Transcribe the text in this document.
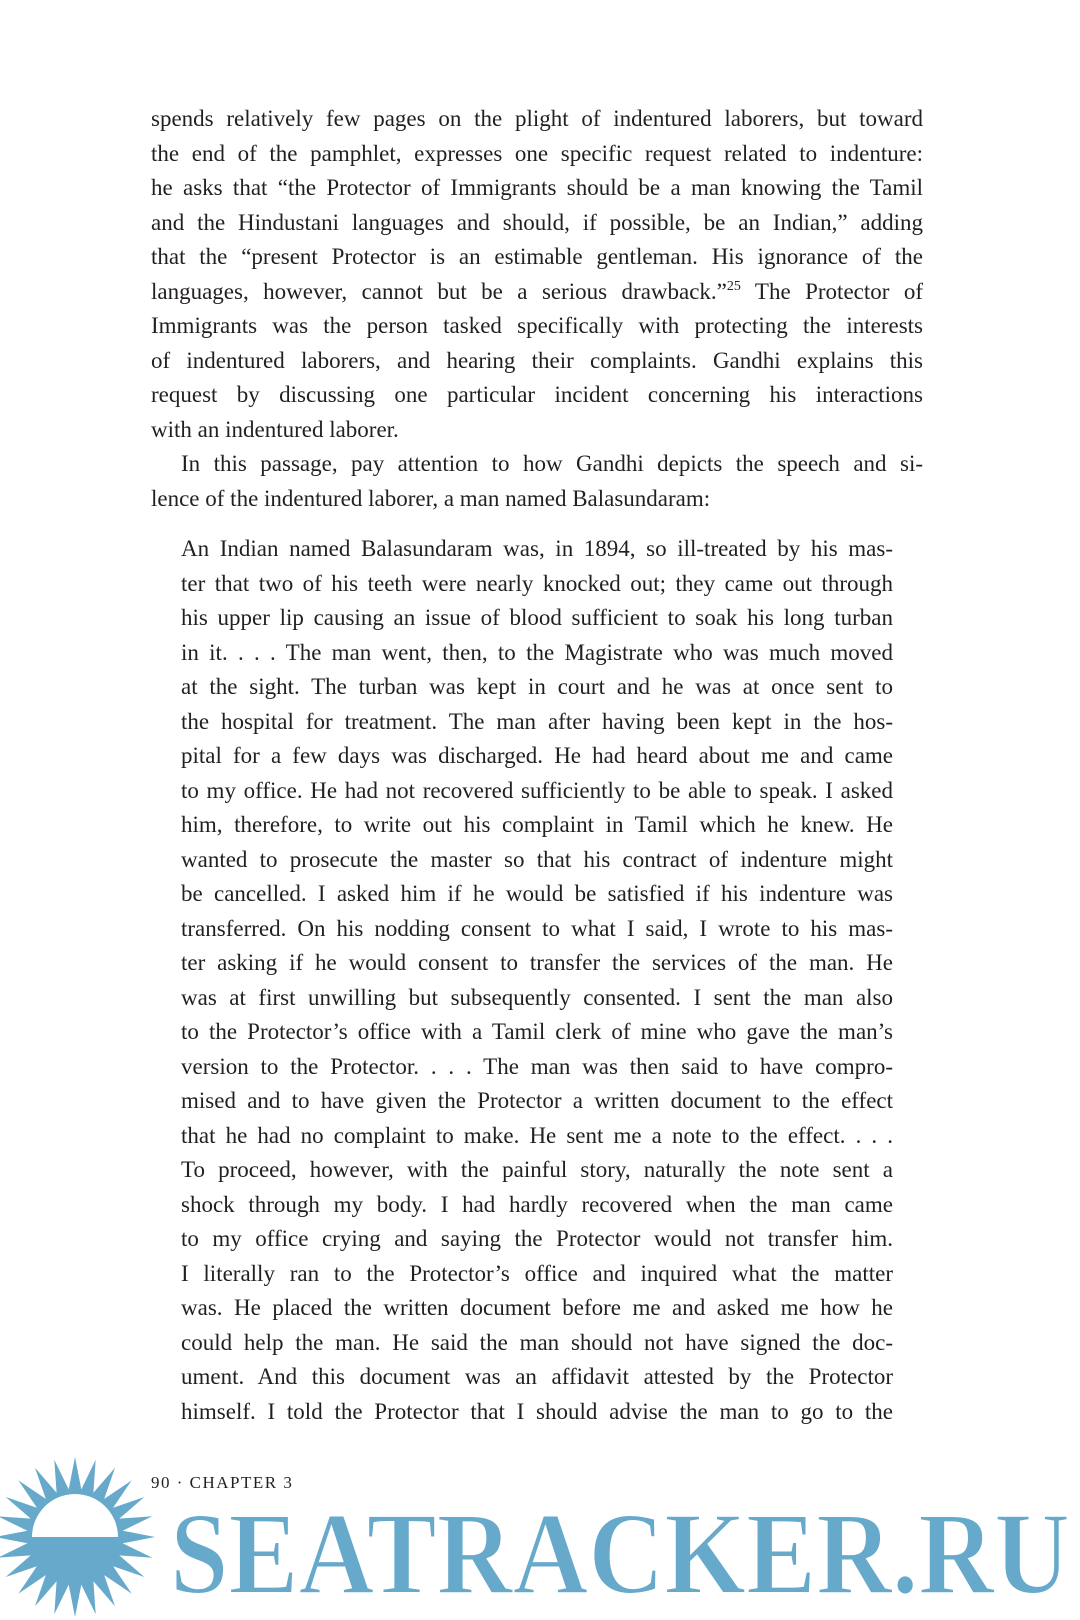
spends relatively few pages on the plight of indentured laborers, but toward
the end of the pamphlet, expresses one specific request related to indenture:
he asks that “the Protector of Immigrants should be a man knowing the Tamil
and the Hindustani languages and should, if possible, be an Indian,” adding
that the “present Protector is an estimable gentleman. His ignorance of the
languages, however, cannot but be a serious drawback.”$^{25}$ The Protector of
Immigrants was the person tasked specifically with protecting the interests
of indentured laborers, and hearing their complaints. Gandhi explains this
request by discussing one particular incident concerning his interactions
with an indentured laborer.
In this passage, pay attention to how Gandhi depicts the speech and si-
lence of the indentured laborer, a man named Balasundaram:
An Indian named Balasundaram was, in 1894, so ill-treated by his mas-
ter that two of his teeth were nearly knocked out; they came out through
his upper lip causing an issue of blood sufficient to soak his long turban
in it. . . . The man went, then, to the Magistrate who was much moved
at the sight. The turban was kept in court and he was at once sent to
the hospital for treatment. The man after having been kept in the hos-
pital for a few days was discharged. He had heard about me and came
to my office. He had not recovered sufficiently to be able to speak. I asked
him, therefore, to write out his complaint in Tamil which he knew. He
wanted to prosecute the master so that his contract of indenture might
be cancelled. I asked him if he would be satisfied if his indenture was
transferred. On his nodding consent to what I said, I wrote to his mas-
ter asking if he would consent to transfer the services of the man. He
was at first unwilling but subsequently consented. I sent the man also
to the Protector’s office with a Tamil clerk of mine who gave the man’s
version to the Protector. . . . The man was then said to have compro-
mised and to have given the Protector a written document to the effect
that he had no complaint to make. He sent me a note to the effect. . . .
To proceed, however, with the painful story, naturally the note sent a
shock through my body. I had hardly recovered when the man came
to my office crying and saying the Protector would not transfer him.
I literally ran to the Protector’s office and inquired what the matter
was. He placed the written document before me and asked me how he
could help the man. He said the man should not have signed the doc-
ument. And this document was an affidavit attested by the Protector
himself. I told the Protector that I should advise the man to go to the
90 · CHAPTER 3
SEATRACKER.RU
